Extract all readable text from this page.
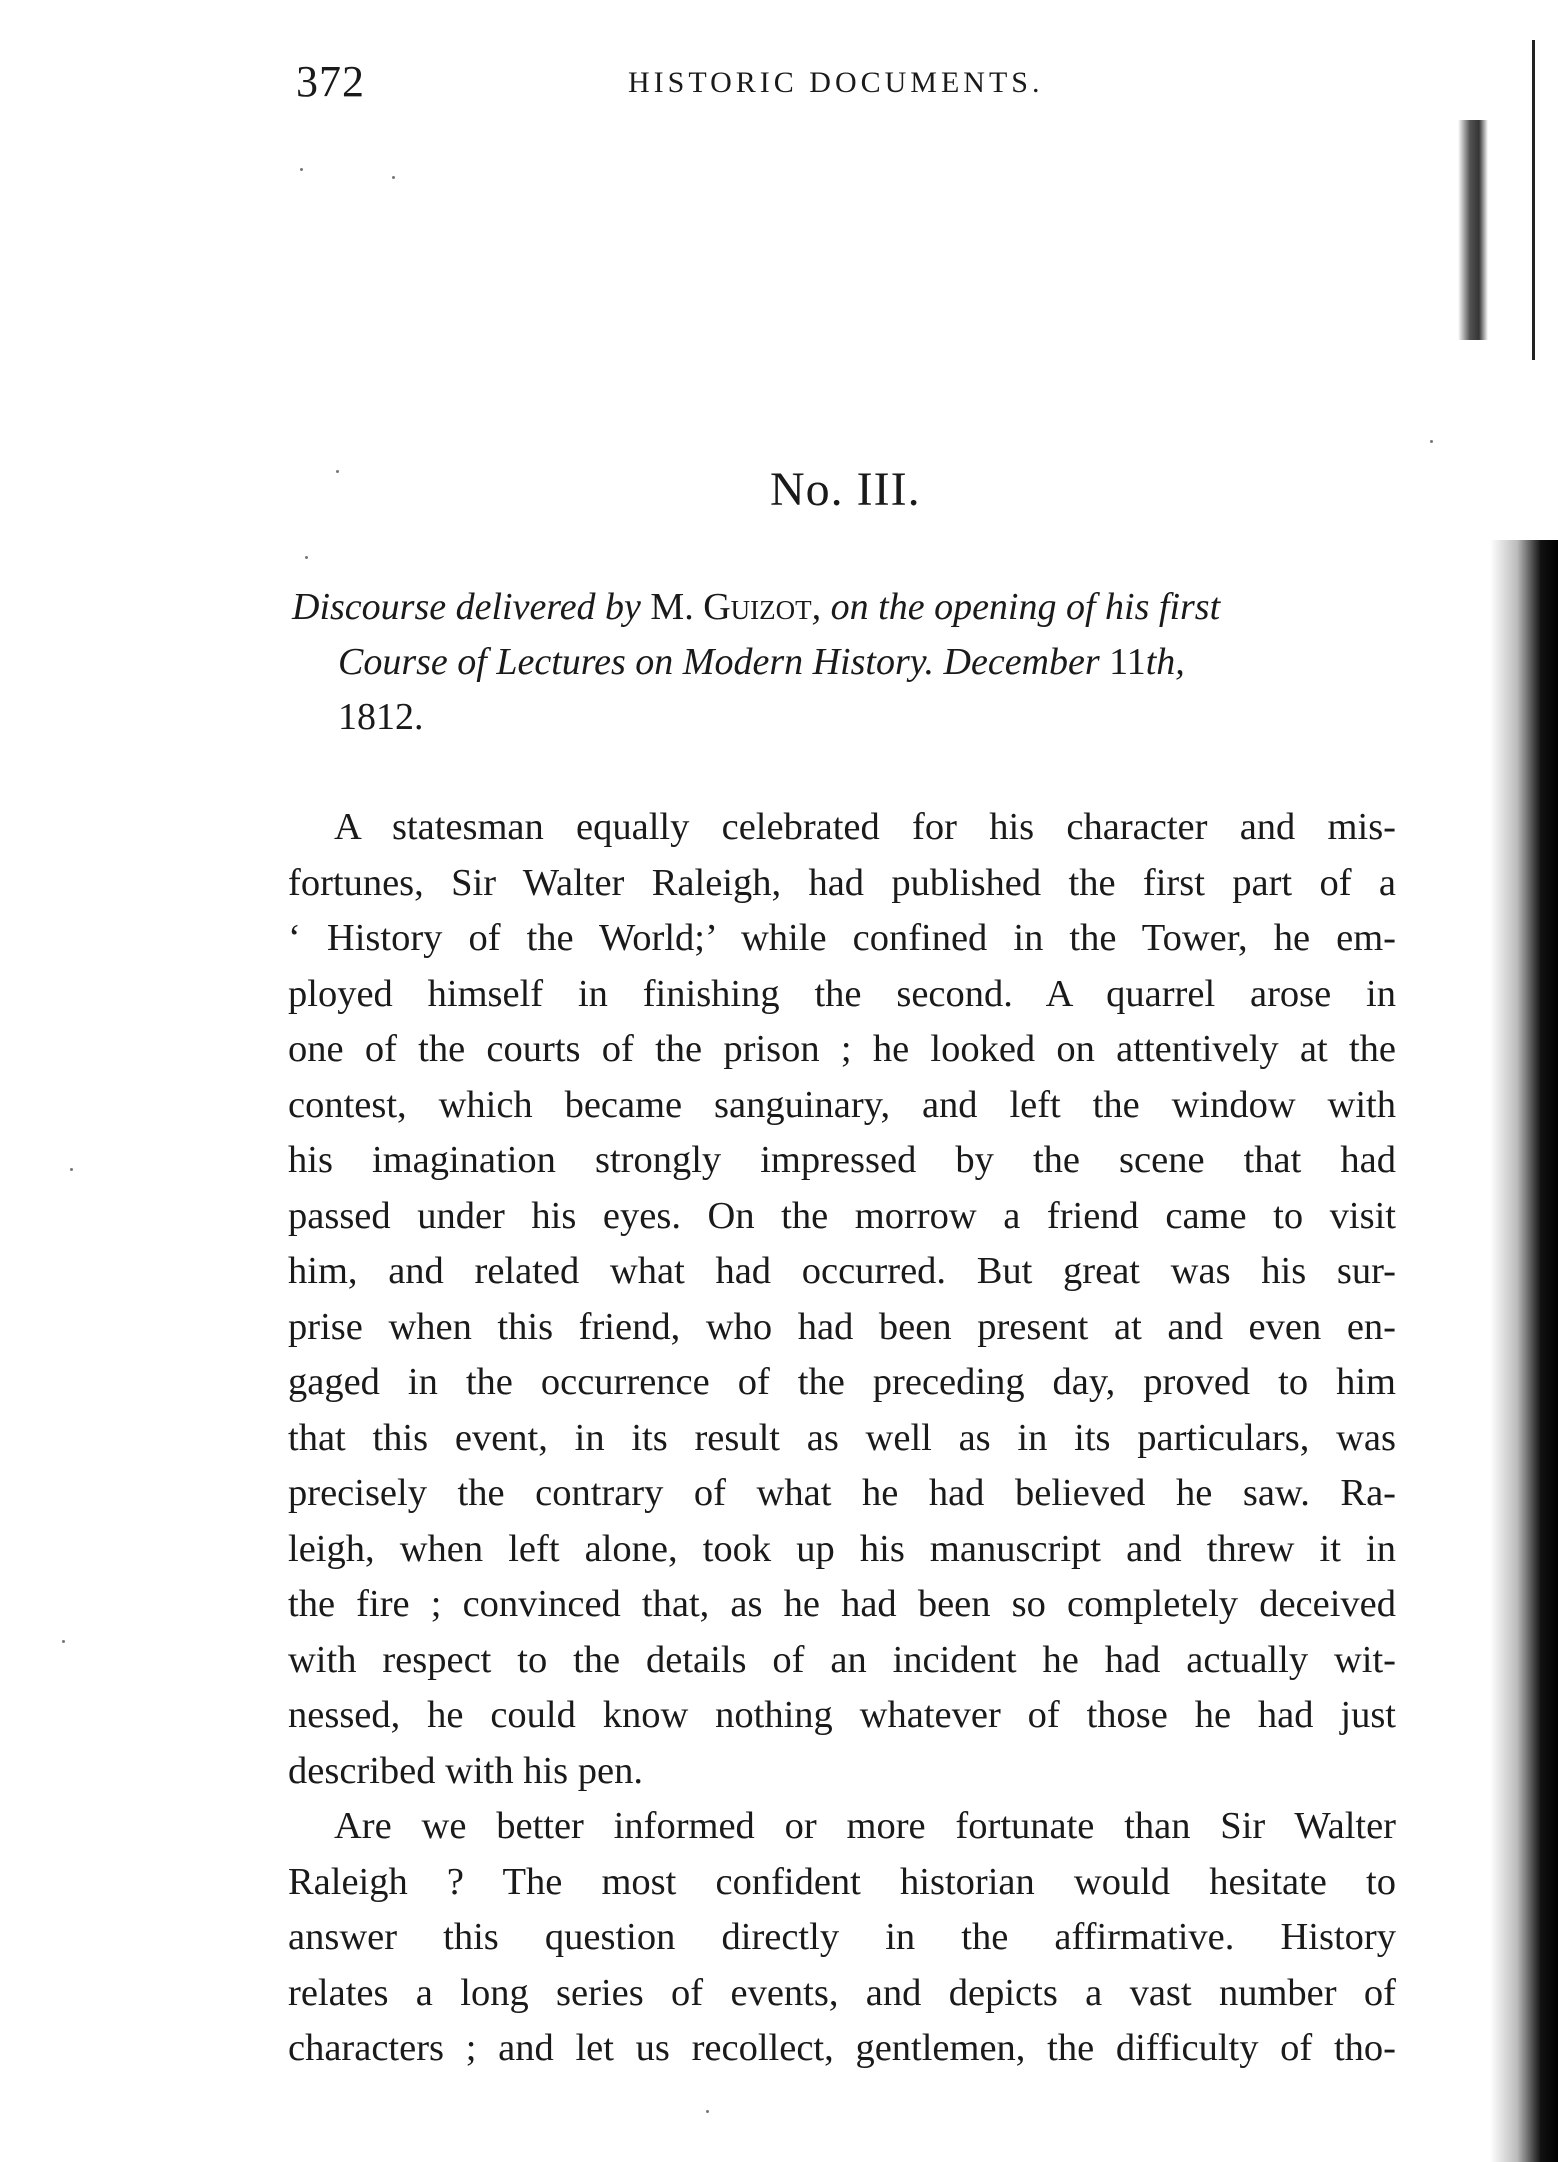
372	HISTORIC DOCUMENTS.
No. III.
Discourse delivered by M. Guizot, on the opening of his first
Course of Lectures on Modern History. December 11th,
1812.
A statesman equally celebrated for his character and mis-
fortunes, Sir Walter Raleigh, had published the first part of a
‘ History of the World;’ while confined in the Tower, he em-
ployed himself in finishing the second. A quarrel arose in
one of the courts of the prison ; he looked on attentively at the
contest, which became sanguinary, and left the window with
his imagination strongly impressed by the scene that had
passed under his eyes. On the morrow a friend came to visit
him, and related what had occurred. But great was his sur-
prise when this friend, who had been present at and even en-
gaged in the occurrence of the preceding day, proved to him
that this event, in its result as well as in its particulars, was
precisely the contrary of what he had believed he saw. Ra-
leigh, when left alone, took up his manuscript and threw it in
the fire ; convinced that, as he had been so completely deceived
with respect to the details of an incident he had actually wit-
nessed, he could know nothing whatever of those he had just
described with his pen.
Are we better informed or more fortunate than Sir Walter
Raleigh ? The most confident historian would hesitate to
answer this question directly in the affirmative. History
relates a long series of events, and depicts a vast number of
characters ; and let us recollect, gentlemen, the difficulty of tho-
